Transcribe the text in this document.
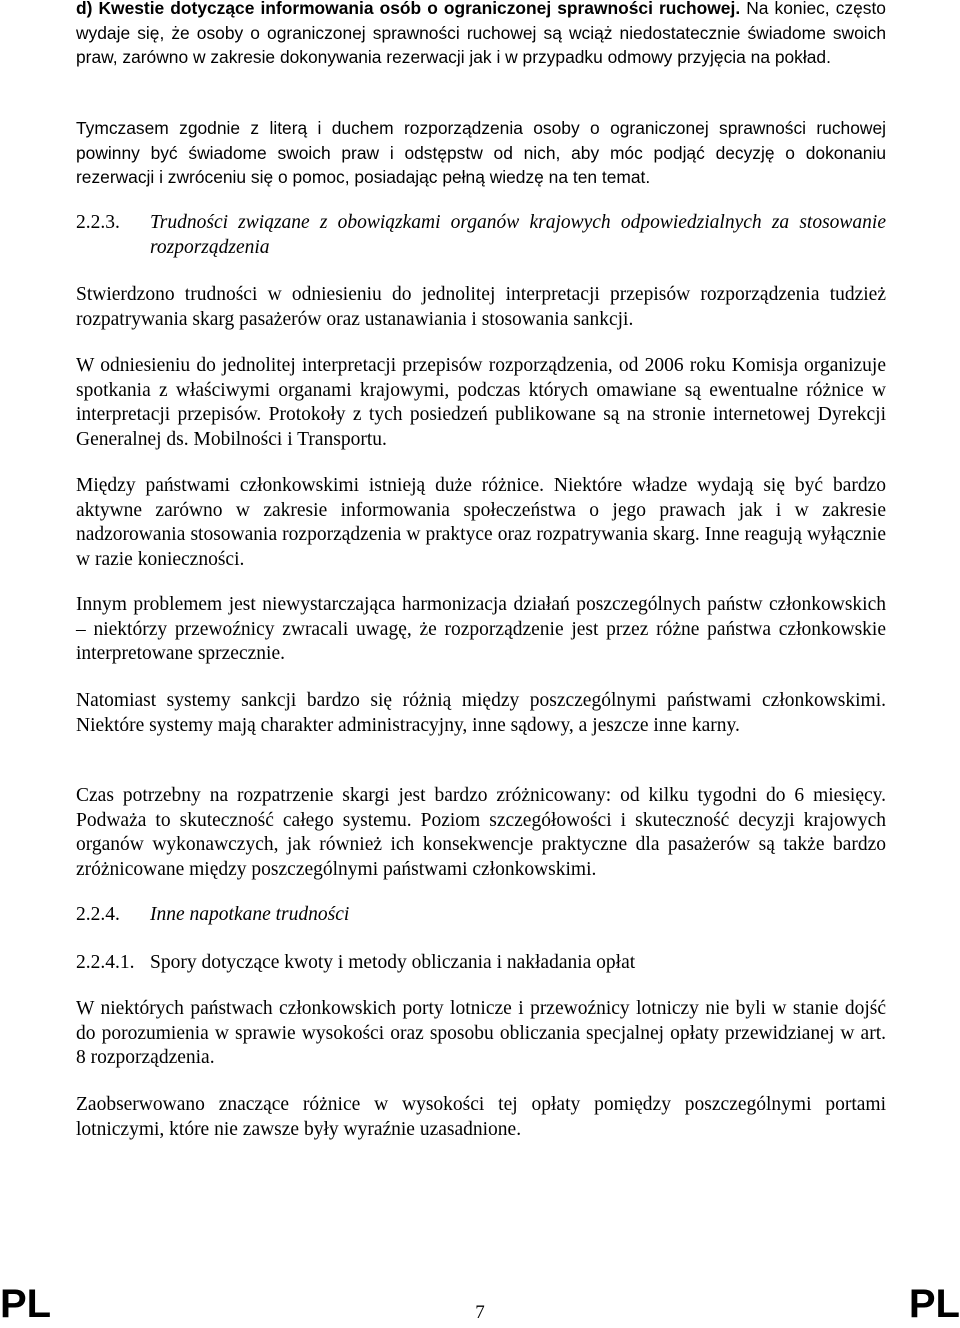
d) Kwestie dotyczące informowania osób o ograniczonej sprawności ruchowej. Na koniec, często wydaje się, że osoby o ograniczonej sprawności ruchowej są wciąż niedostatecznie świadome swoich praw, zarówno w zakresie dokonywania rezerwacji jak i w przypadku odmowy przyjęcia na pokład.

Tymczasem zgodnie z literą i duchem rozporządzenia osoby o ograniczonej sprawności ruchowej powinny być świadome swoich praw i odstępstw od nich, aby móc podjąć decyzję o dokonaniu rezerwacji i zwróceniu się o pomoc, posiadając pełną wiedzę na ten temat.

2.2.3.	Trudności związane z obowiązkami organów krajowych odpowiedzialnych za stosowanie rozporządzenia

Stwierdzono trudności w odniesieniu do jednolitej interpretacji przepisów rozporządzenia tudzież rozpatrywania skarg pasażerów oraz ustanawiania i stosowania sankcji.

W odniesieniu do jednolitej interpretacji przepisów rozporządzenia, od 2006 roku Komisja organizuje spotkania z właściwymi organami krajowymi, podczas których omawiane są ewentualne różnice w interpretacji przepisów. Protokoły z tych posiedzeń publikowane są na stronie internetowej Dyrekcji Generalnej ds. Mobilności i Transportu.

Między państwami członkowskimi istnieją duże różnice. Niektóre władze wydają się być bardzo aktywne zarówno w zakresie informowania społeczeństwa o jego prawach jak i w zakresie nadzorowania stosowania rozporządzenia w praktyce oraz rozpatrywania skarg. Inne reagują wyłącznie w razie konieczności.

Innym problemem jest niewystarczająca harmonizacja działań poszczególnych państw członkowskich – niektórzy przewoźnicy zwracali uwagę, że rozporządzenie jest przez różne państwa członkowskie interpretowane sprzecznie.

Natomiast systemy sankcji bardzo się różnią między poszczególnymi państwami członkowskimi. Niektóre systemy mają charakter administracyjny, inne sądowy, a jeszcze inne karny.

Czas potrzebny na rozpatrzenie skargi jest bardzo zróżnicowany: od kilku tygodni do 6 miesięcy. Podważa to skuteczność całego systemu. Poziom szczegółowości i skuteczność decyzji krajowych organów wykonawczych, jak również ich konsekwencje praktyczne dla pasażerów są także bardzo zróżnicowane między poszczególnymi państwami członkowskimi.

2.2.4.	Inne napotkane trudności
2.2.4.1. Spory dotyczące kwoty i metody obliczania i nakładania opłat

W niektórych państwach członkowskich porty lotnicze i przewoźnicy lotniczy nie byli w stanie dojść do porozumienia w sprawie wysokości oraz sposobu obliczania specjalnej opłaty przewidzianej w art. 8 rozporządzenia.

Zaobserwowano znaczące różnice w wysokości tej opłaty pomiędzy poszczególnymi portami lotniczymi, które nie zawsze były wyraźnie uzasadnione.

PL	7	PL
